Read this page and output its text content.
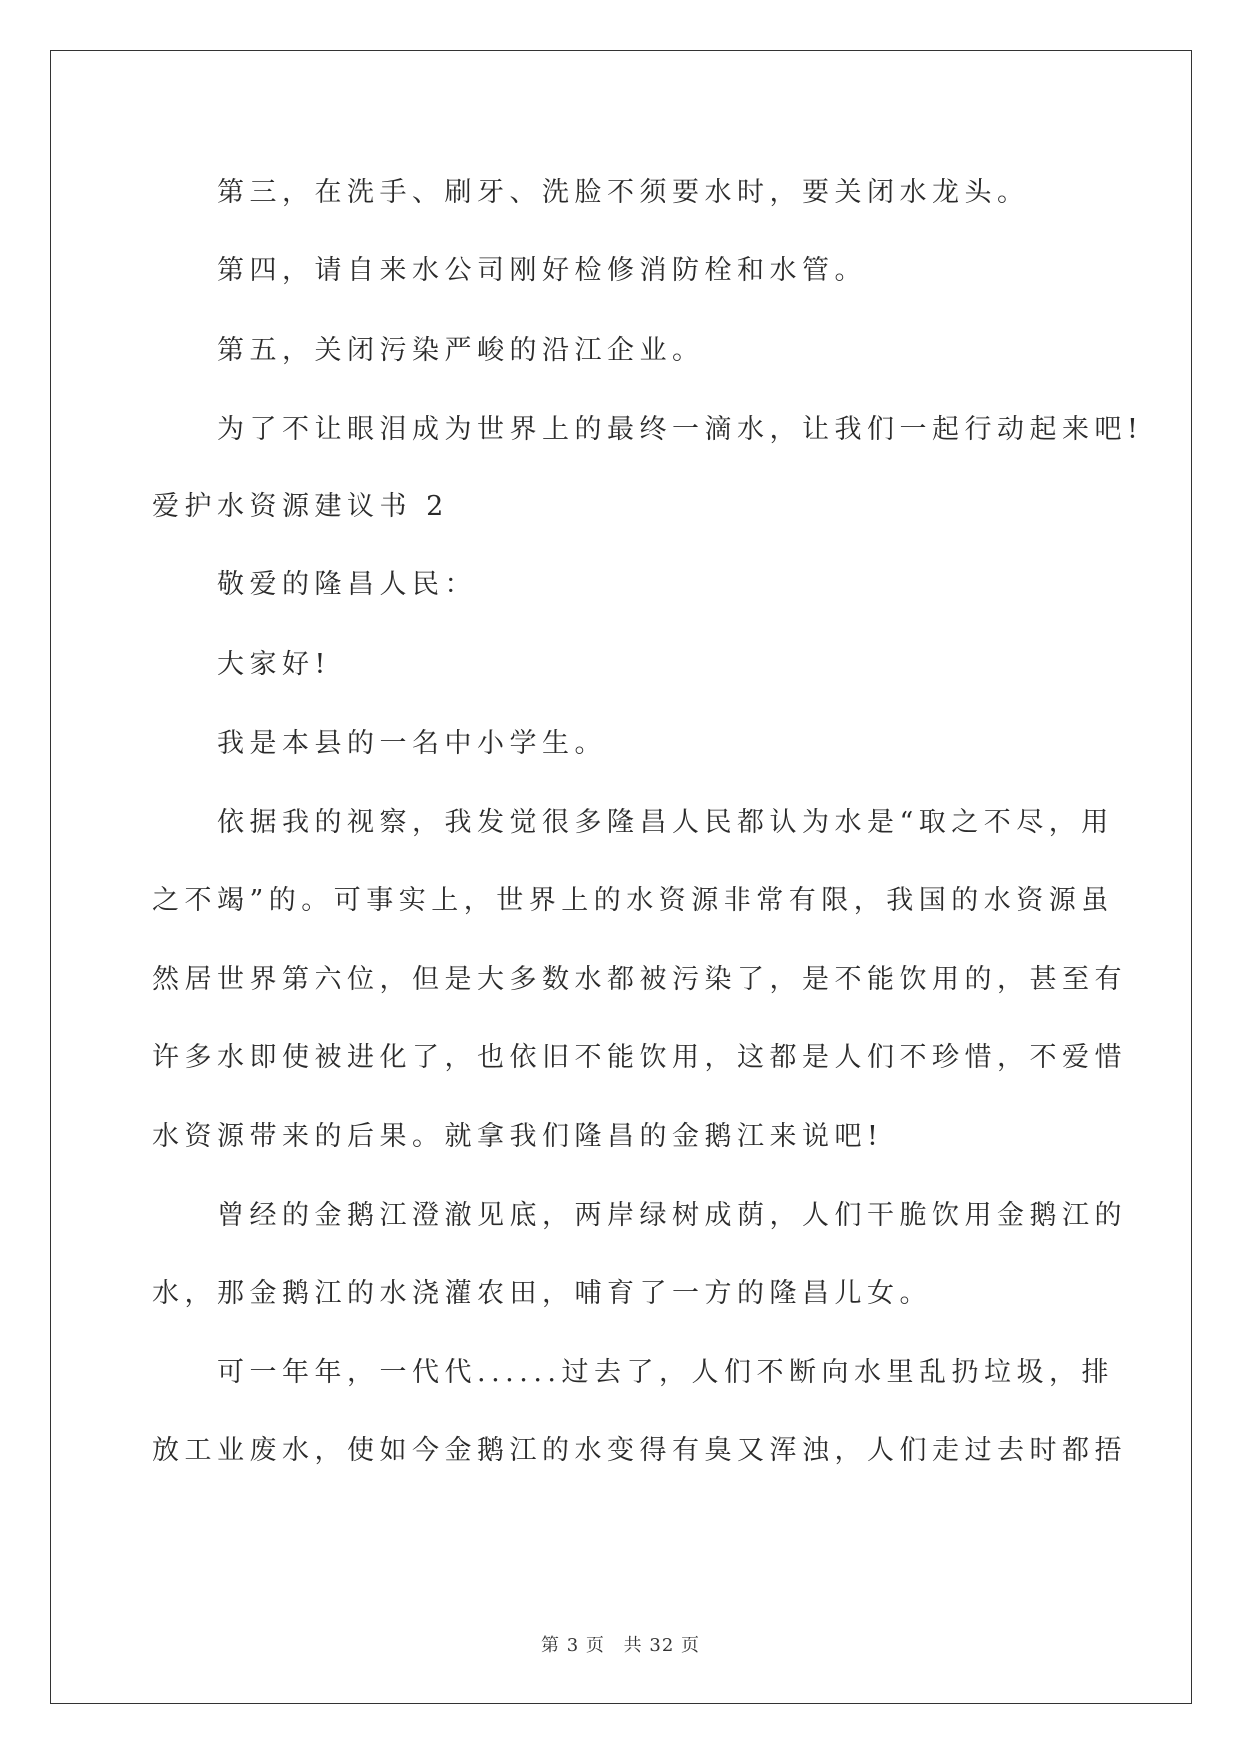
第三，在洗手、刷牙、洗脸不须要水时，要关闭水龙头。
第四，请自来水公司刚好检修消防栓和水管。
第五，关闭污染严峻的沿江企业。
为了不让眼泪成为世界上的最终一滴水，让我们一起行动起来吧!
爱护水资源建议书 2
敬爱的隆昌人民：
大家好!
我是本县的一名中小学生。
依据我的视察，我发觉很多隆昌人民都认为水是“取之不尽，用
之不竭”的。可事实上，世界上的水资源非常有限，我国的水资源虽
然居世界第六位，但是大多数水都被污染了，是不能饮用的，甚至有
许多水即使被进化了，也依旧不能饮用，这都是人们不珍惜，不爱惜
水资源带来的后果。就拿我们隆昌的金鹅江来说吧!
曾经的金鹅江澄澈见底，两岸绿树成荫，人们干脆饮用金鹅江的
水，那金鹅江的水浇灌农田，哺育了一方的隆昌儿女。
可一年年，一代代......过去了，人们不断向水里乱扔垃圾，排
放工业废水，使如今金鹅江的水变得有臭又浑浊，人们走过去时都捂
第 3 页 共 32 页
